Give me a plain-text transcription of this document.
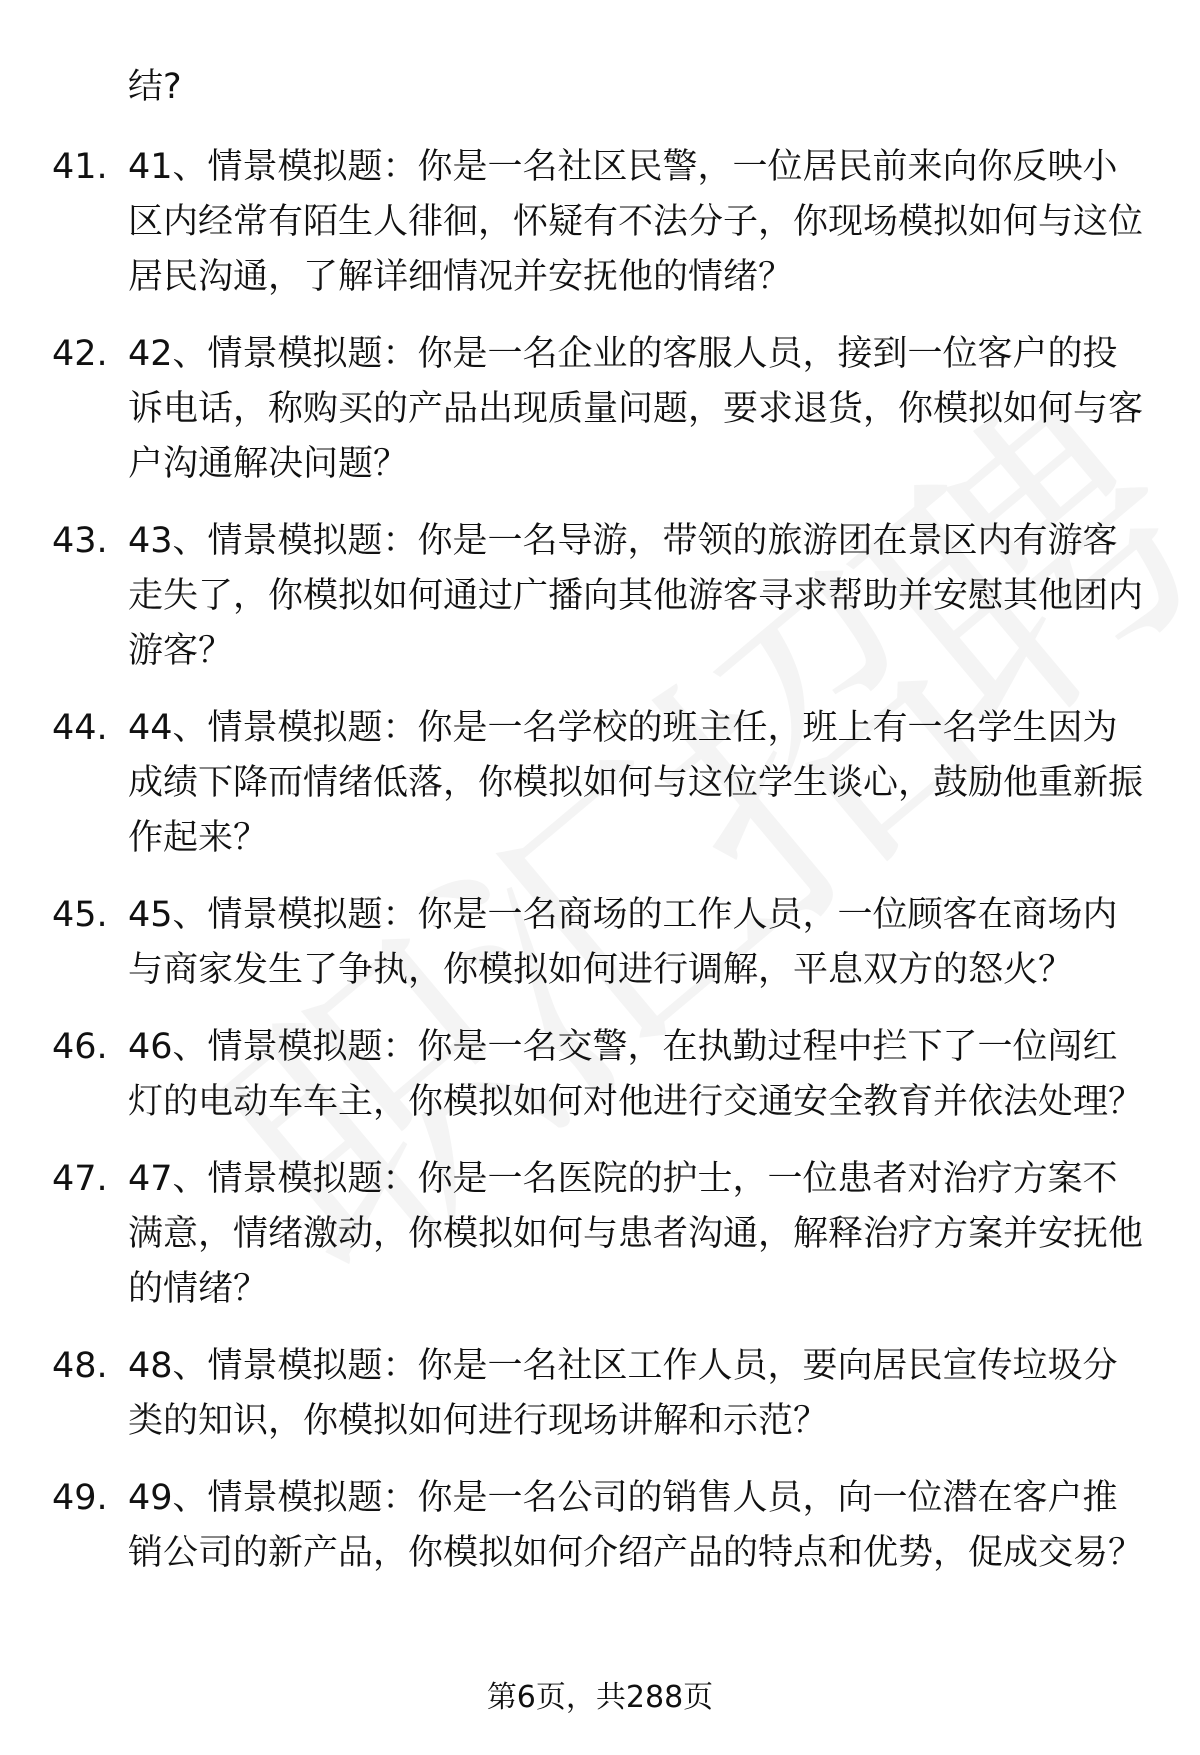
结?
41. 41、情景模拟题：你是一名社区民警，一位居民前来向你反映小区内经常有陌生人徘徊，怀疑有不法分子，你现场模拟如何与这位居民沟通，了解详细情况并安抚他的情绪？
42. 42、情景模拟题：你是一名企业的客服人员，接到一位客户的投诉电话，称购买的产品出现质量问题，要求退货，你模拟如何与客户沟通解决问题？
43. 43、情景模拟题：你是一名导游，带领的旅游团在景区内有游客走失了，你模拟如何通过广播向其他游客寻求帮助并安慰其他团内游客？
44. 44、情景模拟题：你是一名学校的班主任，班上有一名学生因为成绩下降而情绪低落，你模拟如何与这位学生谈心，鼓励他重新振作起来？
45. 45、情景模拟题：你是一名商场的工作人员，一位顾客在商场内与商家发生了争执，你模拟如何进行调解，平息双方的怒火？
46. 46、情景模拟题：你是一名交警，在执勤过程中拦下了一位闯红灯的电动车车主，你模拟如何对他进行交通安全教育并依法处理？
47. 47、情景模拟题：你是一名医院的护士，一位患者对治疗方案不满意，情绪激动，你模拟如何与患者沟通，解释治疗方案并安抚他的情绪？
48. 48、情景模拟题：你是一名社区工作人员，要向居民宣传垃圾分类的知识，你模拟如何进行现场讲解和示范？
49. 49、情景模拟题：你是一名公司的销售人员，向一位潜在客户推销公司的新产品，你模拟如何介绍产品的特点和优势，促成交易？
第6页，共288页
